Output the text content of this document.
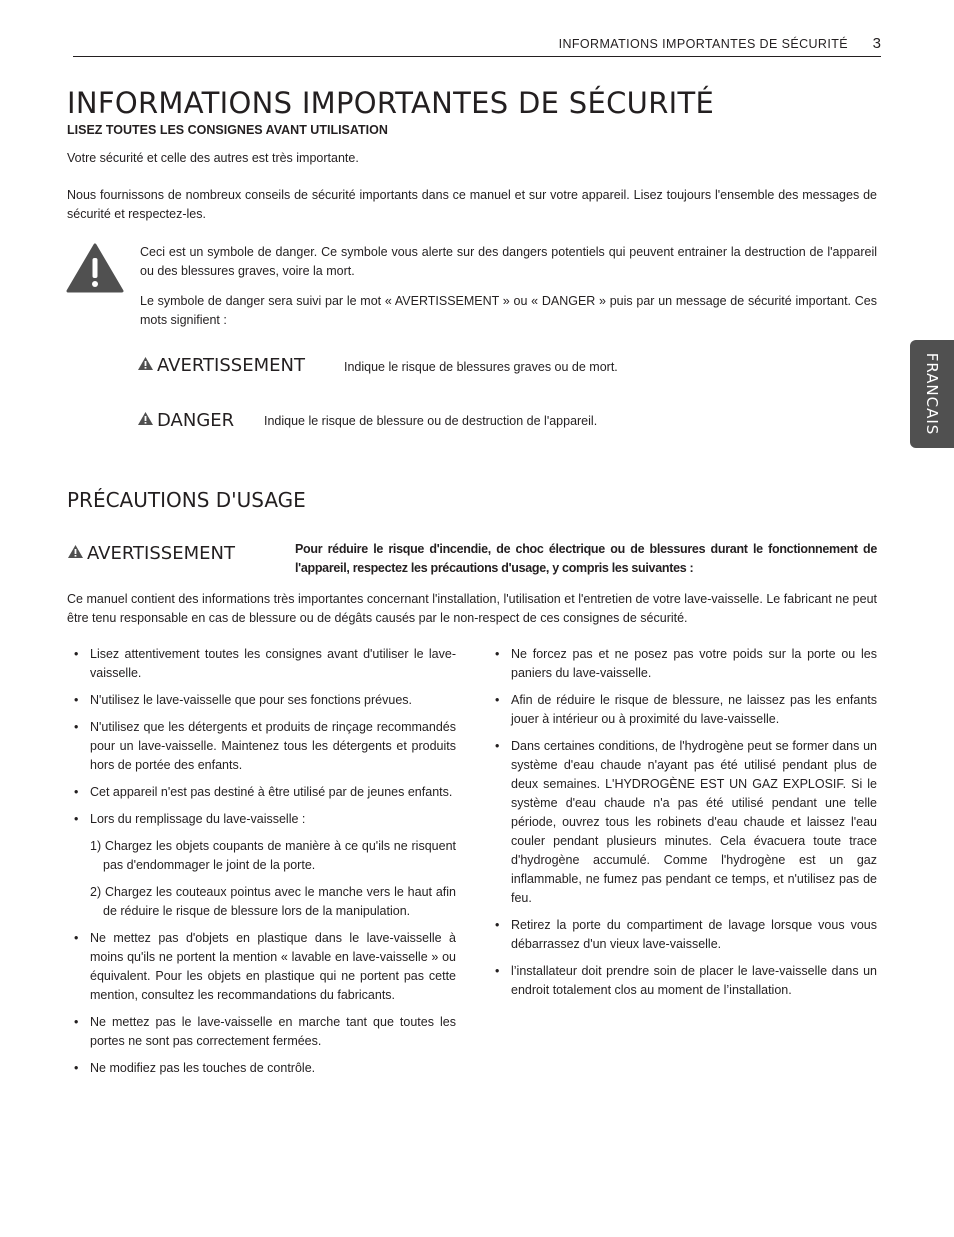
INFORMATIONS IMPORTANTES DE SÉCURITÉ 3
FRANCAIS
INFORMATIONS IMPORTANTES DE SÉCURITÉ

LISEZ TOUTES LES CONSIGNES AVANT UTILISATION

Votre sécurité et celle des autres est très importante.

Nous fournissons de nombreux conseils de sécurité importants dans ce manuel et sur votre appareil. Lisez toujours l'ensemble des messages de sécurité et respectez-les.

Ceci est un symbole de danger. Ce symbole vous alerte sur des dangers potentiels qui peuvent entrainer la destruction de l'appareil ou des blessures graves, voire la mort.

Le symbole de danger sera suivi par le mot « AVERTISSEMENT » ou « DANGER » puis par un message de sécurité important. Ces mots signifient :

AVERTISSEMENT	Indique le risque de blessures graves ou de mort.
DANGER Indique le risque de blessure ou de destruction de l'appareil.
PRÉCAUTIONS D'USAGE
AVERTISSEMENT	Pour réduire le risque d'incendie, de choc électrique ou de blessures durant le fonctionnement de l'appareil, respectez les précautions d'usage, y compris les suivantes :

Ce manuel contient des informations très importantes concernant l'installation, l'utilisation et l'entretien de votre lave-vaisselle. Le fabricant ne peut être tenu responsable en cas de blessure ou de dégâts causés par le non-respect de ces consignes de sécurité.

• Lisez attentivement toutes les consignes avant d'utiliser le lave-vaisselle.
• N'utilisez le lave-vaisselle que pour ses fonctions prévues.
• N'utilisez que les détergents et produits de rinçage recommandés pour un lave-vaisselle. Maintenez tous les détergents et produits hors de portée des enfants.
• Cet appareil n'est pas destiné à être utilisé par de jeunes enfants.
• Lors du remplissage du lave-vaisselle :

1) Chargez les objets coupants de manière à ce qu'ils ne risquent pas d'endommager le joint de la porte.

2) Chargez les couteaux pointus avec le manche vers le haut afin de réduire le risque de blessure lors de la manipulation.

• Ne mettez pas d'objets en plastique dans le lave-vaisselle à moins qu'ils ne portent la mention « lavable en lave-vaisselle » ou équivalent. Pour les objets en plastique qui ne portent pas cette mention, consultez les recommandations du fabricants.
• Ne mettez pas le lave-vaisselle en marche tant que toutes les portes ne sont pas correctement fermées.
• Ne modifiez pas les touches de contrôle.
• Ne forcez pas et ne posez pas votre poids sur la porte ou les paniers du lave-vaisselle.
• Afin de réduire le risque de blessure, ne laissez pas les enfants jouer à intérieur ou à proximité du lave-vaisselle.
• Dans certaines conditions, de l'hydrogène peut se former dans un système d'eau chaude n'ayant pas été utilisé pendant plus de deux semaines. L'HYDROGÈNE EST UN GAZ EXPLOSIF. Si le système d'eau chaude n'a pas été utilisé pendant une telle période, ouvrez tous les robinets d'eau chaude et laissez l'eau couler pendant plusieurs minutes. Cela évacuera toute trace d'hydrogène accumulé. Comme l'hydrogène est un gaz inflammable, ne fumez pas pendant ce temps, et n'utilisez pas de feu.
• Retirez la porte du compartiment de lavage lorsque vous vous débarrassez d'un vieux lave-vaisselle.
• l’installateur doit prendre soin de placer le lave-vaisselle dans un endroit totalement clos au moment de l’installation.
